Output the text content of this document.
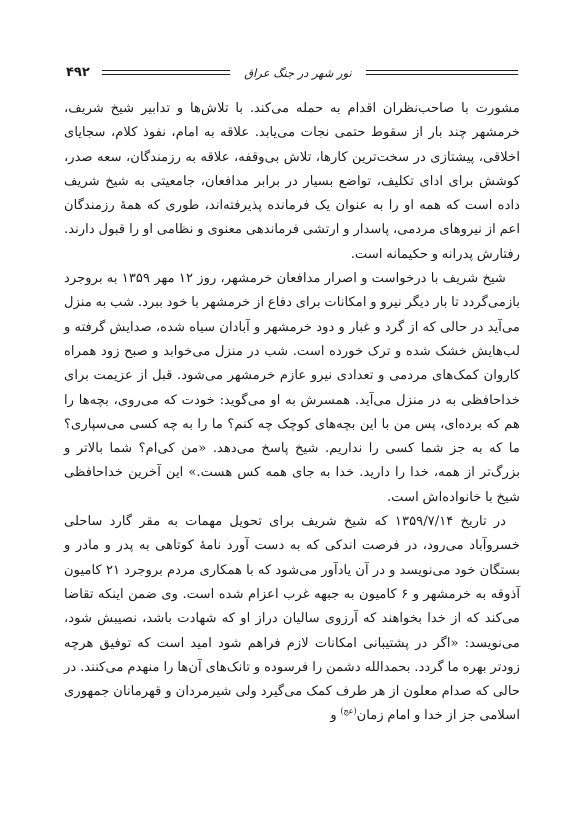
۴۹۲	نور شهر در جنگ عراق

مشورت با صاحب‌نظران اقدام به حمله می‌کند. با تلاش‌ها و تدابیر شیخ شریف، خرمشهر چند بار از سقوط حتمی نجات می‌یابد. علاقه به امام، نفوذ کلام، سجایای اخلاقی، پیشتازی در سخت‌ترین کارها، تلاش بی‌وقفه، علاقه به رزمندگان، سعه صدر، کوشش برای ادای تکلیف، تواضع بسیار در برابر مدافعان، جامعیتی به شیخ شریف داده است که همه او را به عنوان یک فرمانده پذیرفته‌اند، طوری که همهٔ رزمندگان اعم از نیروهای مردمی، پاسدار و ارتشی فرماندهی معنوی و نظامی او را قبول دارند. رفتارش پدرانه و حکیمانه است.

شیخ شریف با درخواست و اصرار مدافعان خرمشهر، روز ۱۲ مهر ۱۳۵۹ به بروجرد بازمی‌گردد تا بار دیگر نیرو و امکانات برای دفاع از خرمشهر با خود ببرد. شب به منزل می‌آید در حالی که از گرد و غبار و دود خرمشهر و آبادان سیاه شده، صدایش گرفته و لب‌هایش خشک شده و ترک خورده است. شب در منزل می‌خوابد و صبح زود همراه کاروان کمک‌های مردمی و تعدادی نیرو عازم خرمشهر می‌شود. قبل از عزیمت برای خداحافظی به در منزل می‌آید. همسرش به او می‌گوید: خودت که می‌روی، بچه‌ها را هم که برده‌ای، پس من با این بچه‌های کوچک چه کنم؟ ما را به چه کسی می‌سپاری؟ ما که به جز شما کسی را نداریم. شیخ پاسخ می‌دهد. «من کی‌ام؟ شما بالاتر و بزرگ‌تر از همه، خدا را دارید. خدا به جای همه کس هست.» این آخرین خداحافظی شیخ با خانواده‌اش است.

در تاریخ ۱۳۵۹/۷/۱۴ که شیخ شریف برای تحویل مهمات به مقر گارد ساحلی خسروآباد می‌رود، در فرصت اندکی که به دست آورد نامهٔ کوتاهی به پدر و مادر و بستگان خود می‌نویسد و در آن یادآور می‌شود که با همکاری مردم بروجرد ۲۱ کامیون آذوقه به خرمشهر و ۶ کامیون به جبهه غرب اعزام شده است. وی ضمن اینکه تقاضا می‌کند که از خدا بخواهند که آرزوی سالیان دراز او که شهادت باشد، نصیبش شود، می‌نویسد: «اگر در پشتیبانی امکانات لازم فراهم شود امید است که توفیق هرچه زودتر بهره ما گردد. بحمدالله دشمن را فرسوده و تانک‌های آن‌ها را منهدم می‌کنند. در حالی که صدام معلون از هر طرف کمک می‌گیرد ولی شیرمردان و قهرمانان جمهوری اسلامی جز از خدا و امام زمان$^{(عج)}$ و
